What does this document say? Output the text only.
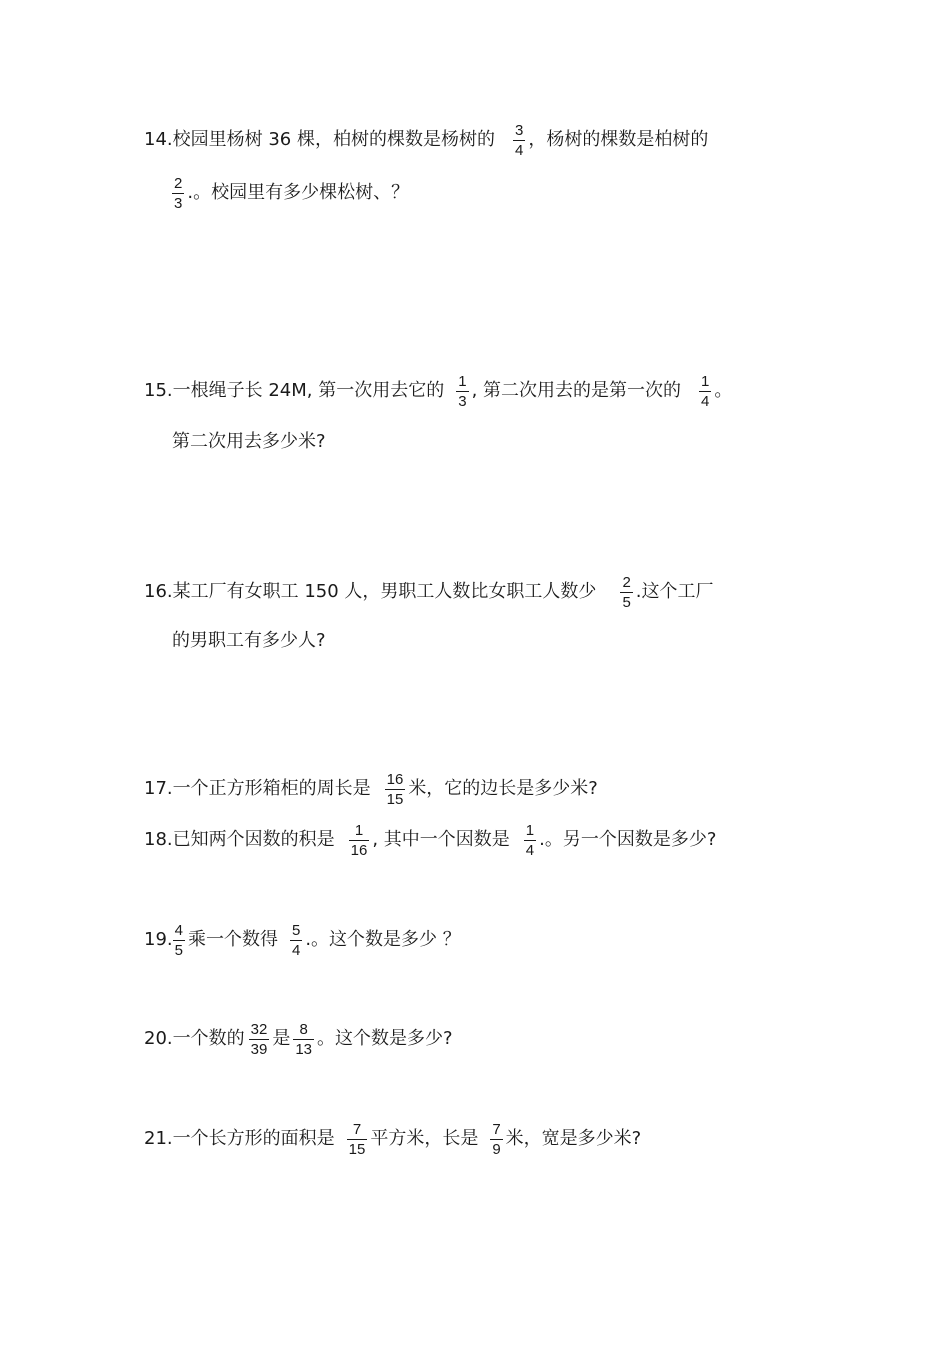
14.校园里杨树 36 棵，柏树的棵数是杨树的 $\frac{3}{4}$ ，杨树的棵数是柏树的
$\frac{2}{3}$ .。校园里有多少棵松树、？
15.一根绳子长 24M, 第一次用去它的 $\frac{1}{3}$ , 第二次用去的是第一次的 $\frac{1}{4}$ 。
第二次用去多少米?
16.某工厂有女职工 150 人，男职工人数比女职工人数少 $\frac{2}{5}$ .这个工厂
的男职工有多少人?
17.一个正方形箱柜的周长是 $\frac{16}{15}$ 米，它的边长是多少米?
18.已知两个因数的积是 $\frac{1}{16}$ , 其中一个因数是 $\frac{1}{4}$ .。另一个因数是多少?
19. $\frac{4}{5}$ 乘一个数得 $\frac{5}{4}$ .。这个数是多少 ？
20.一个数的 $\frac{32}{39}$ 是 $\frac{8}{13}$ 。这个数是多少?
21.一个长方形的面积是 $\frac{7}{15}$ 平方米，长是 $\frac{7}{9}$ 米，宽是多少米?
